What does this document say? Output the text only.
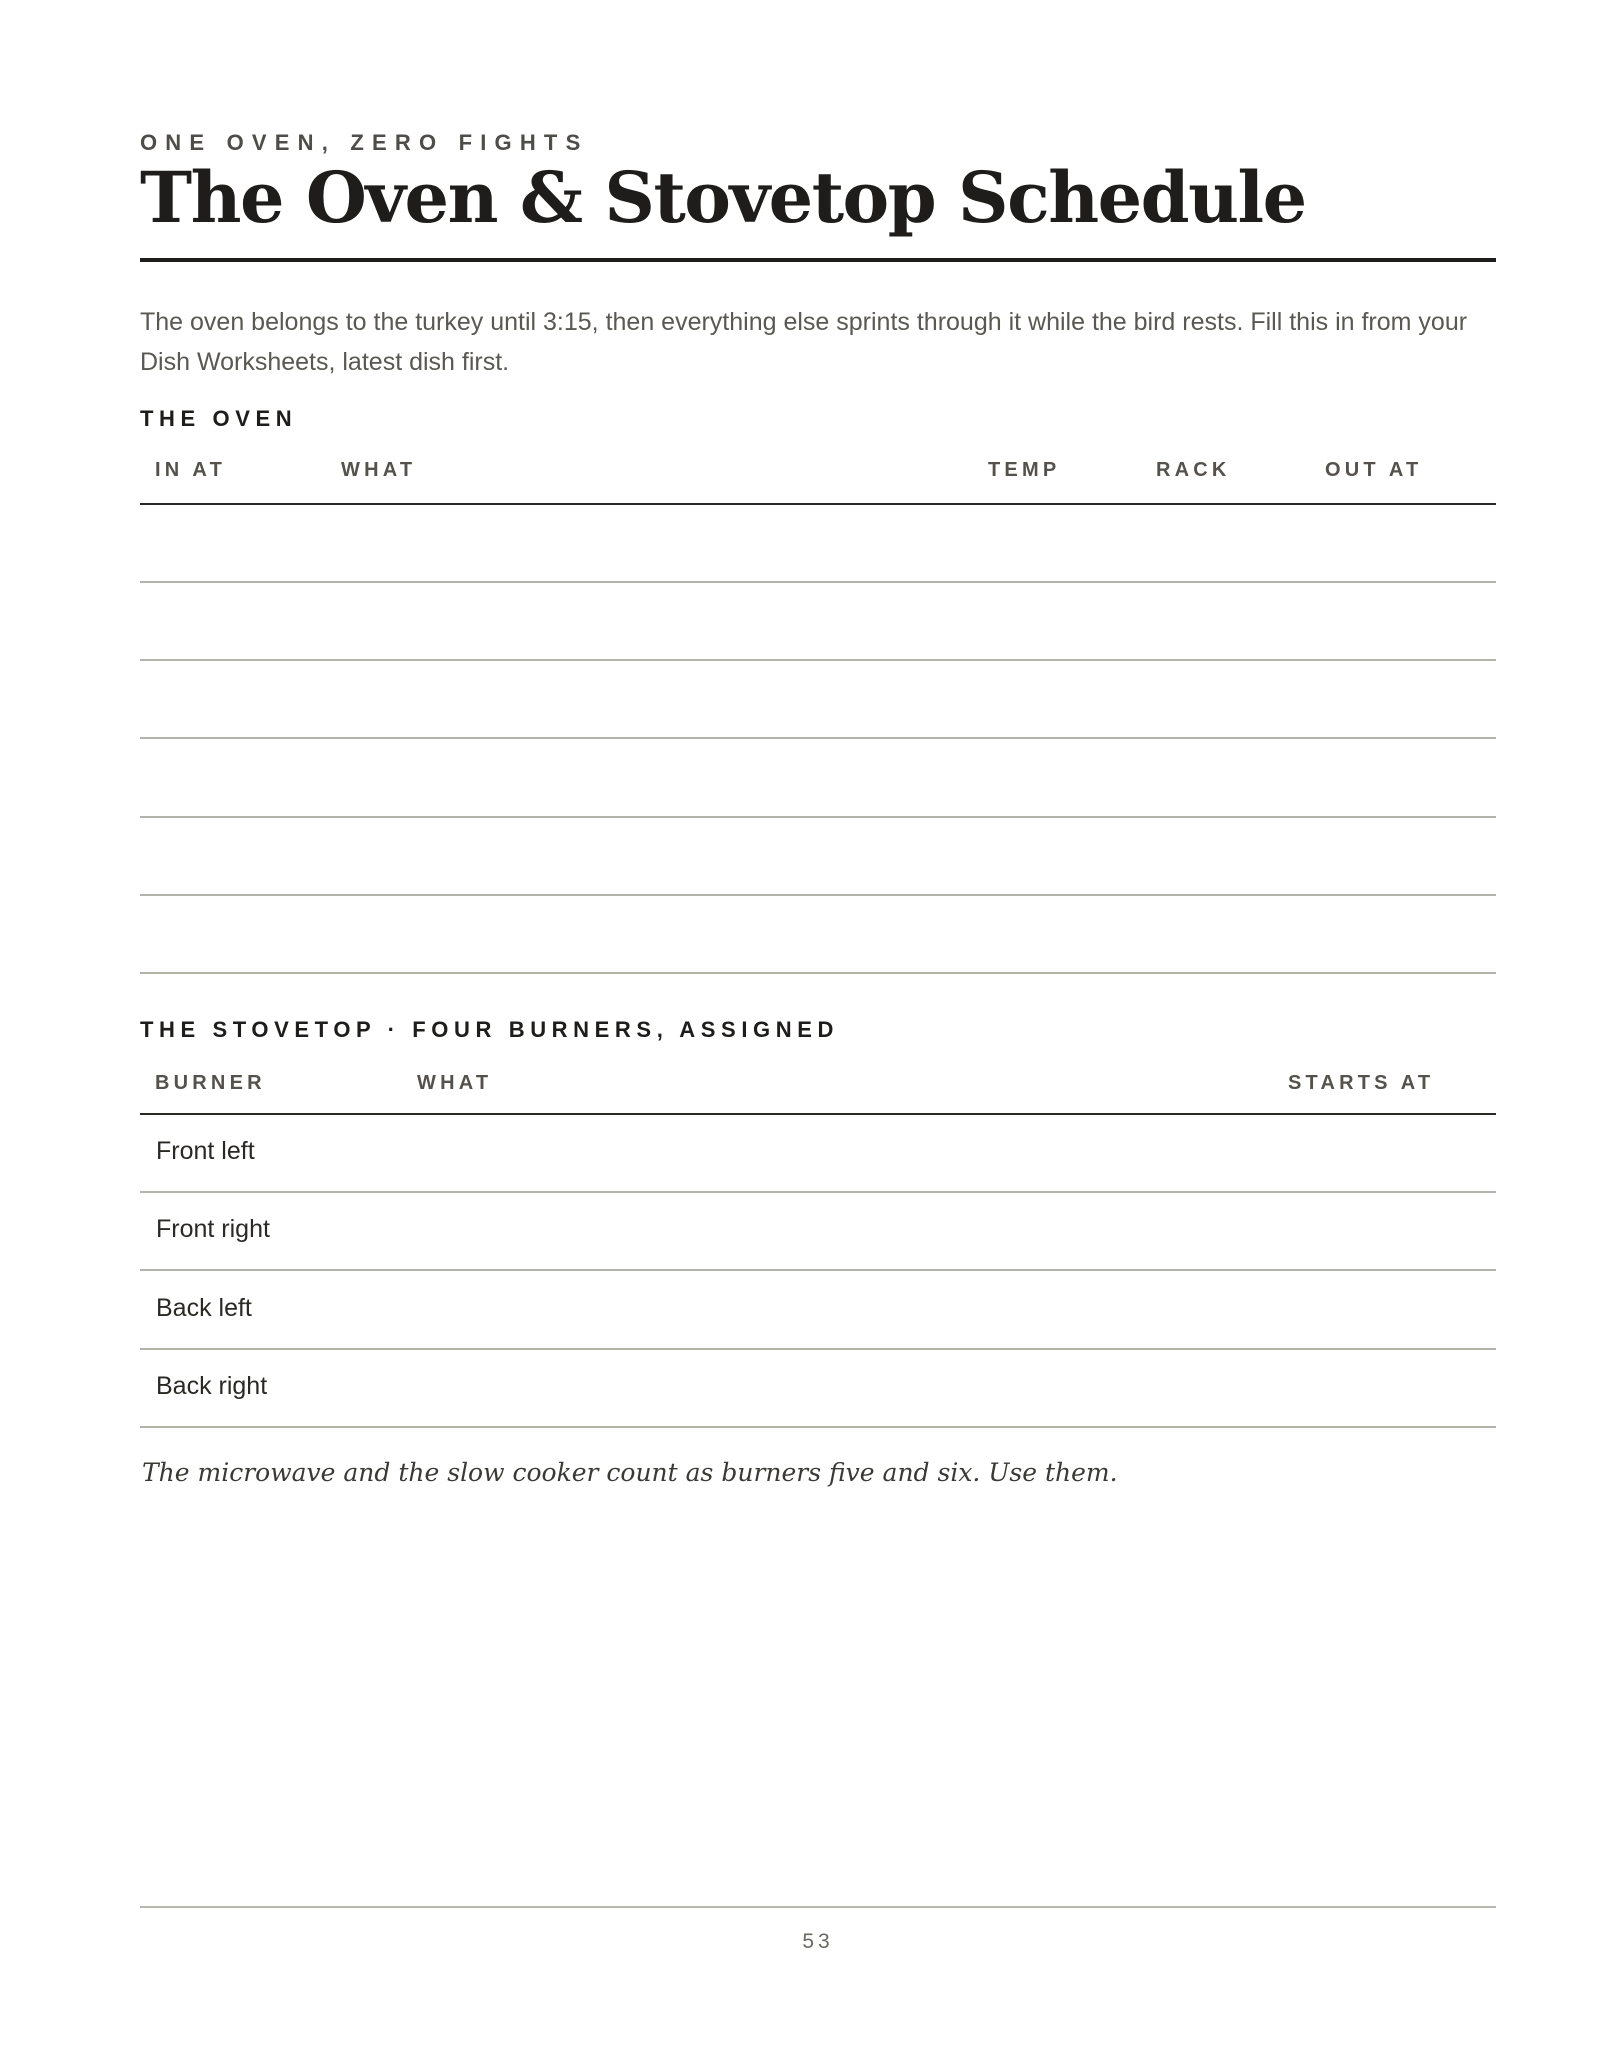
ONE OVEN, ZERO FIGHTS
The Oven & Stovetop Schedule

The oven belongs to the turkey until 3:15, then everything else sprints through it while the bird rests. Fill this in from your Dish Worksheets, latest dish first.

THE OVEN
IN AT	WHAT	TEMP	RACK	OUT AT
THE STOVETOP · FOUR BURNERS, ASSIGNED
BURNER	WHAT	STARTS AT
Front left
Front right
Back left
Back right

The microwave and the slow cooker count as burners five and six. Use them.

53
